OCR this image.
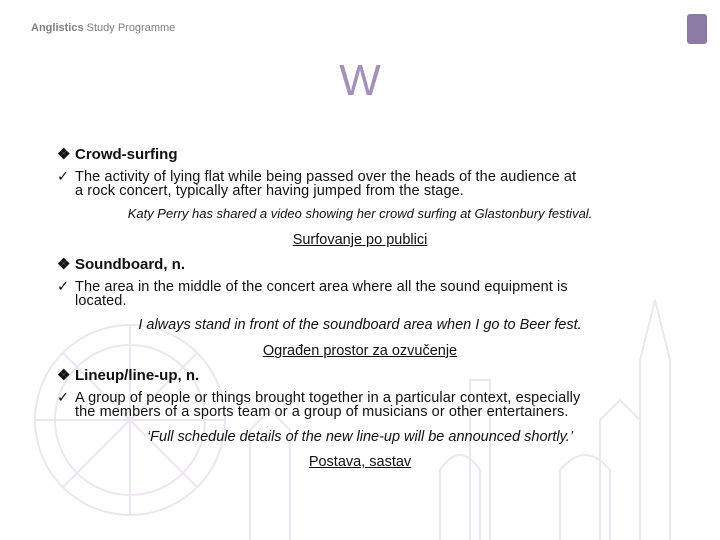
Anglistics Study Programme
W
❖ Crowd-surfing
✓ The activity of lying flat while being passed over the heads of the audience at
a rock concert, typically after having jumped from the stage.
Katy Perry has shared a video showing her crowd surfing at Glastonbury festival.
Surfovanje po publici
❖ Soundboard, n.
✓ The area in the middle of the concert area where all the sound equipment is
located.
I always stand in front of the soundboard area when I go to Beer fest.
Ograđen prostor za ozvučenje
❖ Lineup/line-up, n.
✓ A group of people or things brought together in a particular context, especially
the members of a sports team or a group of musicians or other entertainers.
‘Full schedule details of the new line-up will be announced shortly.’
Postava, sastav
